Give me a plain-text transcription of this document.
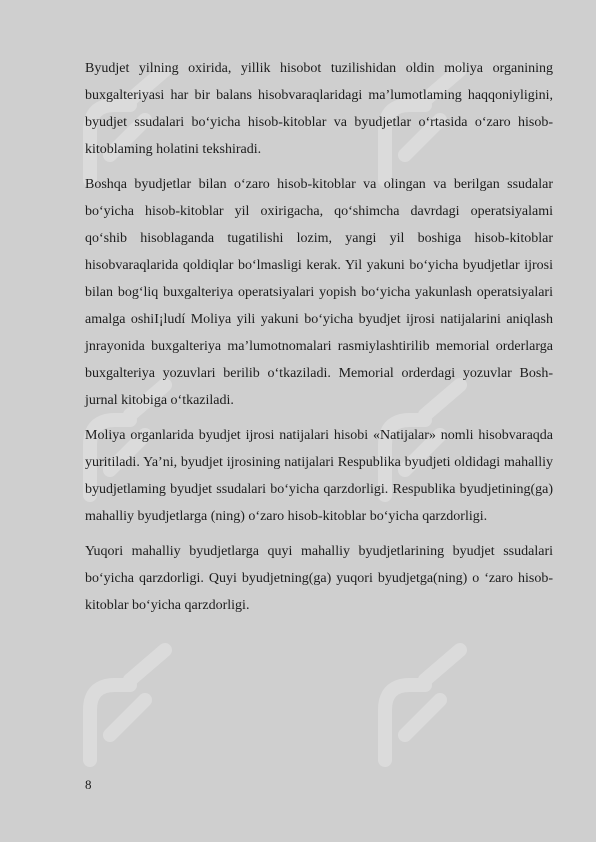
Byudjet yilning oxirida, yillik hisobot tuzilishidan oldin moliya organining buxgalteriyasi har bir balans hisobvaraqlaridagi ma’lumotlaming haqqoniyligini, byudjet ssudalari bo‘yicha hisob-kitoblar va byudjetlar o‘rtasida o‘zaro hisob-kitoblaming holatini tekshiradi.

Boshqa byudjetlar bilan o‘zaro hisob-kitoblar va olingan va berilgan ssudalar bo‘yicha hisob-kitoblar yil oxirigacha, qo‘shimcha davrdagi operatsiyalami qo‘shib hisoblaganda tugatilishi lozim, yangi yil boshiga hisob-kitoblar hisobvaraqlarida qoldiqlar bo‘lmasligi kerak. Yil yakuni bo‘yicha byudjetlar ijrosi bilan bog‘liq buxgalteriya operatsiyalari yopish bo‘yicha yakunlash operatsiyalari amalga oshiI¡ludí Moliya yili yakuni bo‘yicha byudjet ijrosi natijalarini aniqlash jnrayonida buxgalteriya ma’lumotnomalari rasmiylashtirilib memorial orderlarga buxgalteriya yozuvlari berilib o‘tkaziladi. Memorial orderdagi yozuvlar Bosh-jurnal kitobiga o‘tkaziladi.

Moliya organlarida byudjet ijrosi natijalari hisobi «Natijalar» nomli hisobvaraqda yuritiladi. Ya’ni, byudjet ijrosining natijalari Respublika byudjeti oldidagi mahalliy byudjetlaming byudjet ssudalari bo‘yicha qarzdorligi. Respublika byudjetining(ga) mahalliy byudjetlarga (ning) o‘zaro hisob-kitoblar bo‘yicha qarzdorligi.

Yuqori mahalliy byudjetlarga quyi mahalliy byudjetlarining byudjet ssudalari bo‘yicha qarzdorligi. Quyi byudjetning(ga) yuqori byudjetga(ning) o ‘zaro hisob-kitoblar bo‘yicha qarzdorligi.

8
